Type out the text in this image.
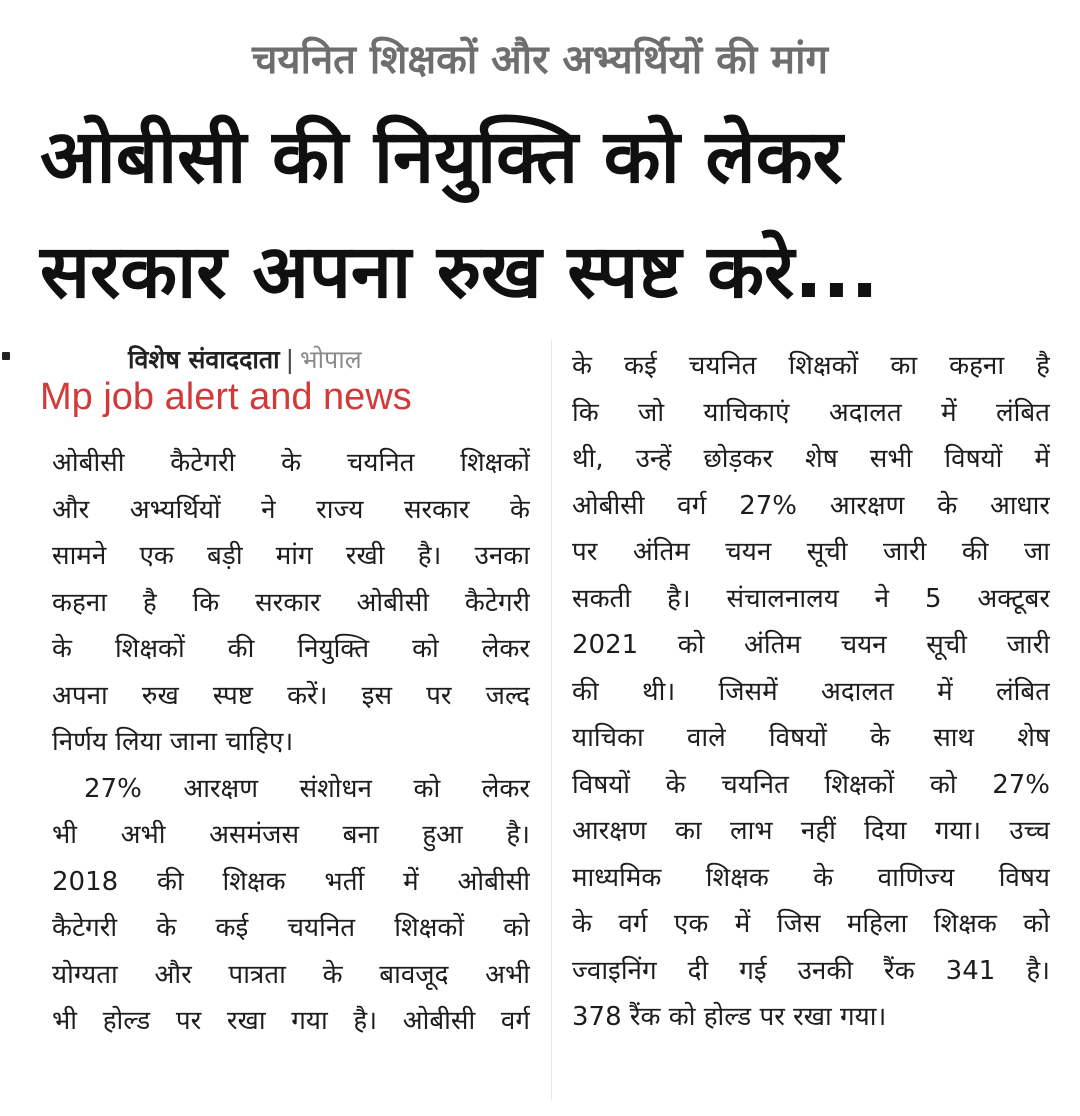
चयनित शिक्षकों और अभ्यर्थियों की मांग
ओबीसी की नियुक्ति को लेकर
सरकार अपना रुख स्पष्ट करे...
विशेष संवाददाता | भोपाल
Mp job alert and news
ओबीसी कैटेगरी के चयनित शिक्षकों
और अभ्यर्थियों ने राज्य सरकार के
सामने एक बड़ी मांग रखी है। उनका
कहना है कि सरकार ओबीसी कैटेगरी
के शिक्षकों की नियुक्ति को लेकर
अपना रुख स्पष्ट करें। इस पर जल्द
निर्णय लिया जाना चाहिए।
27% आरक्षण संशोधन को लेकर
भी अभी असमंजस बना हुआ है।
2018 की शिक्षक भर्ती में ओबीसी
कैटेगरी के कई चयनित शिक्षकों को
योग्यता और पात्रता के बावजूद अभी
भी होल्ड पर रखा गया है। ओबीसी वर्ग
के कई चयनित शिक्षकों का कहना है
कि जो याचिकाएं अदालत में लंबित
थी, उन्हें छोड़कर शेष सभी विषयों में
ओबीसी वर्ग 27% आरक्षण के आधार
पर अंतिम चयन सूची जारी की जा
सकती है। संचालनालय ने 5 अक्टूबर
2021 को अंतिम चयन सूची जारी
की थी। जिसमें अदालत में लंबित
याचिका वाले विषयों के साथ शेष
विषयों के चयनित शिक्षकों को 27%
आरक्षण का लाभ नहीं दिया गया। उच्च
माध्यमिक शिक्षक के वाणिज्य विषय
के वर्ग एक में जिस महिला शिक्षक को
ज्वाइनिंग दी गई उनकी रैंक 341 है।
378 रैंक को होल्ड पर रखा गया।
